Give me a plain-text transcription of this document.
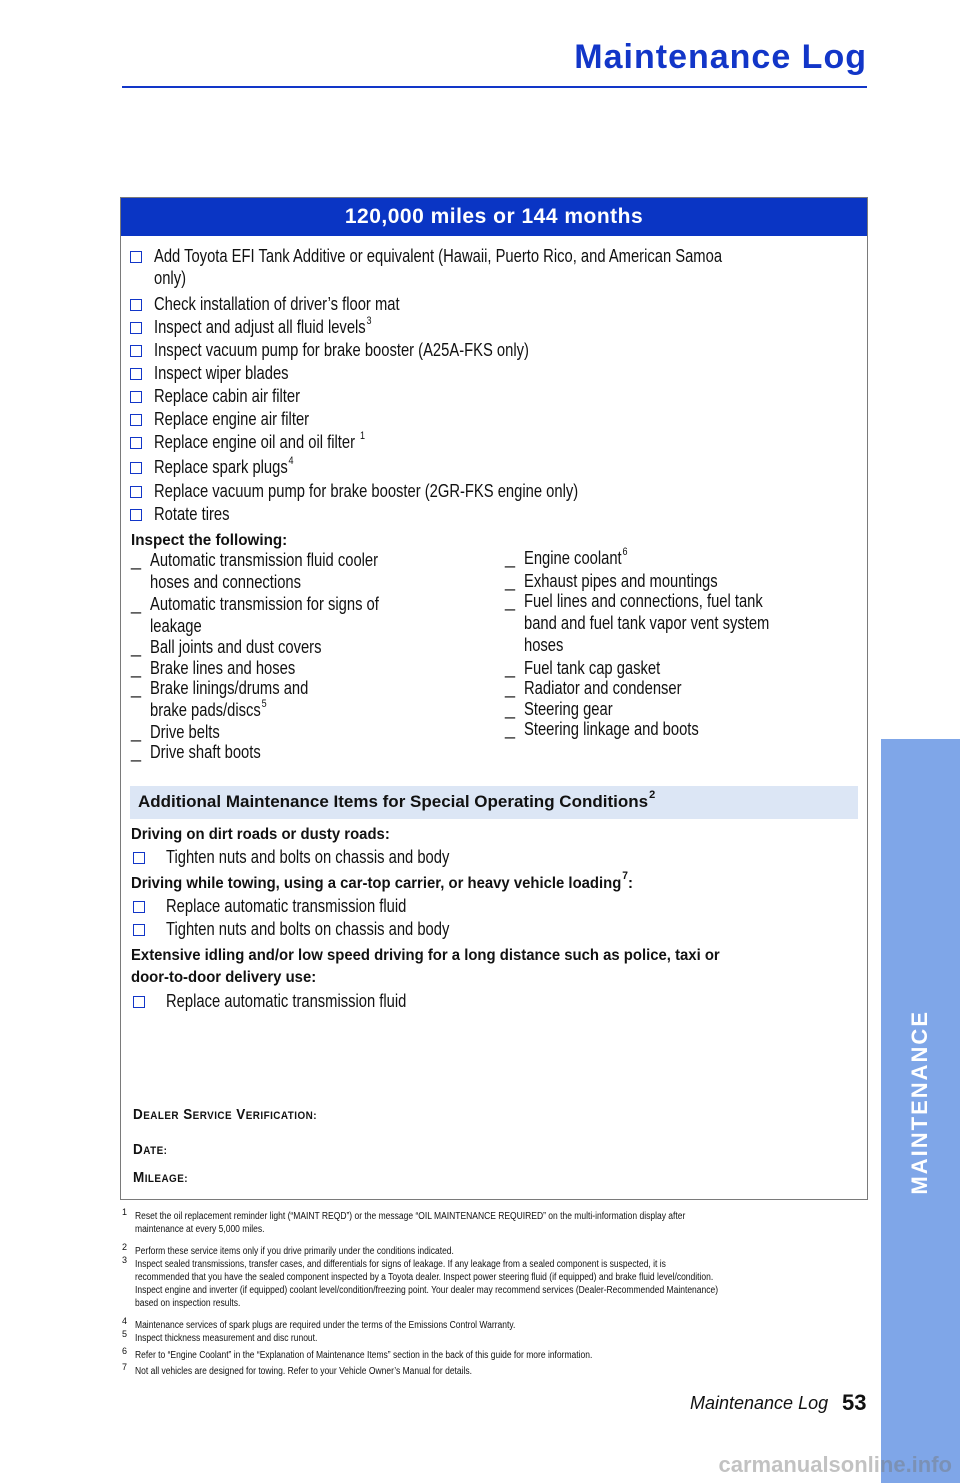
Maintenance Log
120,000 miles or 144 months
Add Toyota EFI Tank Additive or equivalent (Hawaii, Puerto Rico, and American Samoa
only)
Check installation of driver’s floor mat
Inspect and adjust all fluid levels$^3$
Inspect vacuum pump for brake booster (A25A-FKS only)
Inspect wiper blades
Replace cabin air filter
Replace engine air filter
Replace engine oil and oil filter $^1$
Replace spark plugs$^4$
Replace vacuum pump for brake booster (2GR-FKS engine only)
Rotate tires
Inspect the following:
_ Automatic transmission fluid cooler
hoses and connections
_ Automatic transmission for signs of
leakage
_ Ball joints and dust covers
_ Brake lines and hoses
_ Brake linings/drums and
brake pads/discs$^5$
_ Drive belts
_ Drive shaft boots
_ Engine coolant$^6$
_ Exhaust pipes and mountings
_ Fuel lines and connections, fuel tank
band and fuel tank vapor vent system
hoses
_ Fuel tank cap gasket
_ Radiator and condenser
_ Steering gear
_ Steering linkage and boots
Additional Maintenance Items for Special Operating Conditions$^2$
Driving on dirt roads or dusty roads:
Tighten nuts and bolts on chassis and body
Driving while towing, using a car-top carrier, or heavy vehicle loading$^7$:
Replace automatic transmission fluid
Tighten nuts and bolts on chassis and body
Extensive idling and/or low speed driving for a long distance such as police, taxi or
door-to-door delivery use:
Replace automatic transmission fluid
DEALER SERVICE VERIFICATION:
DATE:
MILEAGE:
1 Reset the oil replacement reminder light (“MAINT REQD”) or the message “OIL MAINTENANCE REQUIRED” on the multi-information display after
maintenance at every 5,000 miles.
2 Perform these service items only if you drive primarily under the conditions indicated.
3 Inspect sealed transmissions, transfer cases, and differentials for signs of leakage. If any leakage from a sealed component is suspected, it is
recommended that you have the sealed component inspected by a Toyota dealer. Inspect power steering fluid (if equipped) and brake fluid level/condition.
Inspect engine and inverter (if equipped) coolant level/condition/freezing point. Your dealer may recommend services (Dealer-Recommended Maintenance)
based on inspection results.
4 Maintenance services of spark plugs are required under the terms of the Emissions Control Warranty.
5 Inspect thickness measurement and disc runout.
6 Refer to “Engine Coolant” in the “Explanation of Maintenance Items” section in the back of this guide for more information.
7 Not all vehicles are designed for towing. Refer to your Vehicle Owner’s Manual for details.
MAINTENANCE
Maintenance Log 53
carmanualsonline.info
